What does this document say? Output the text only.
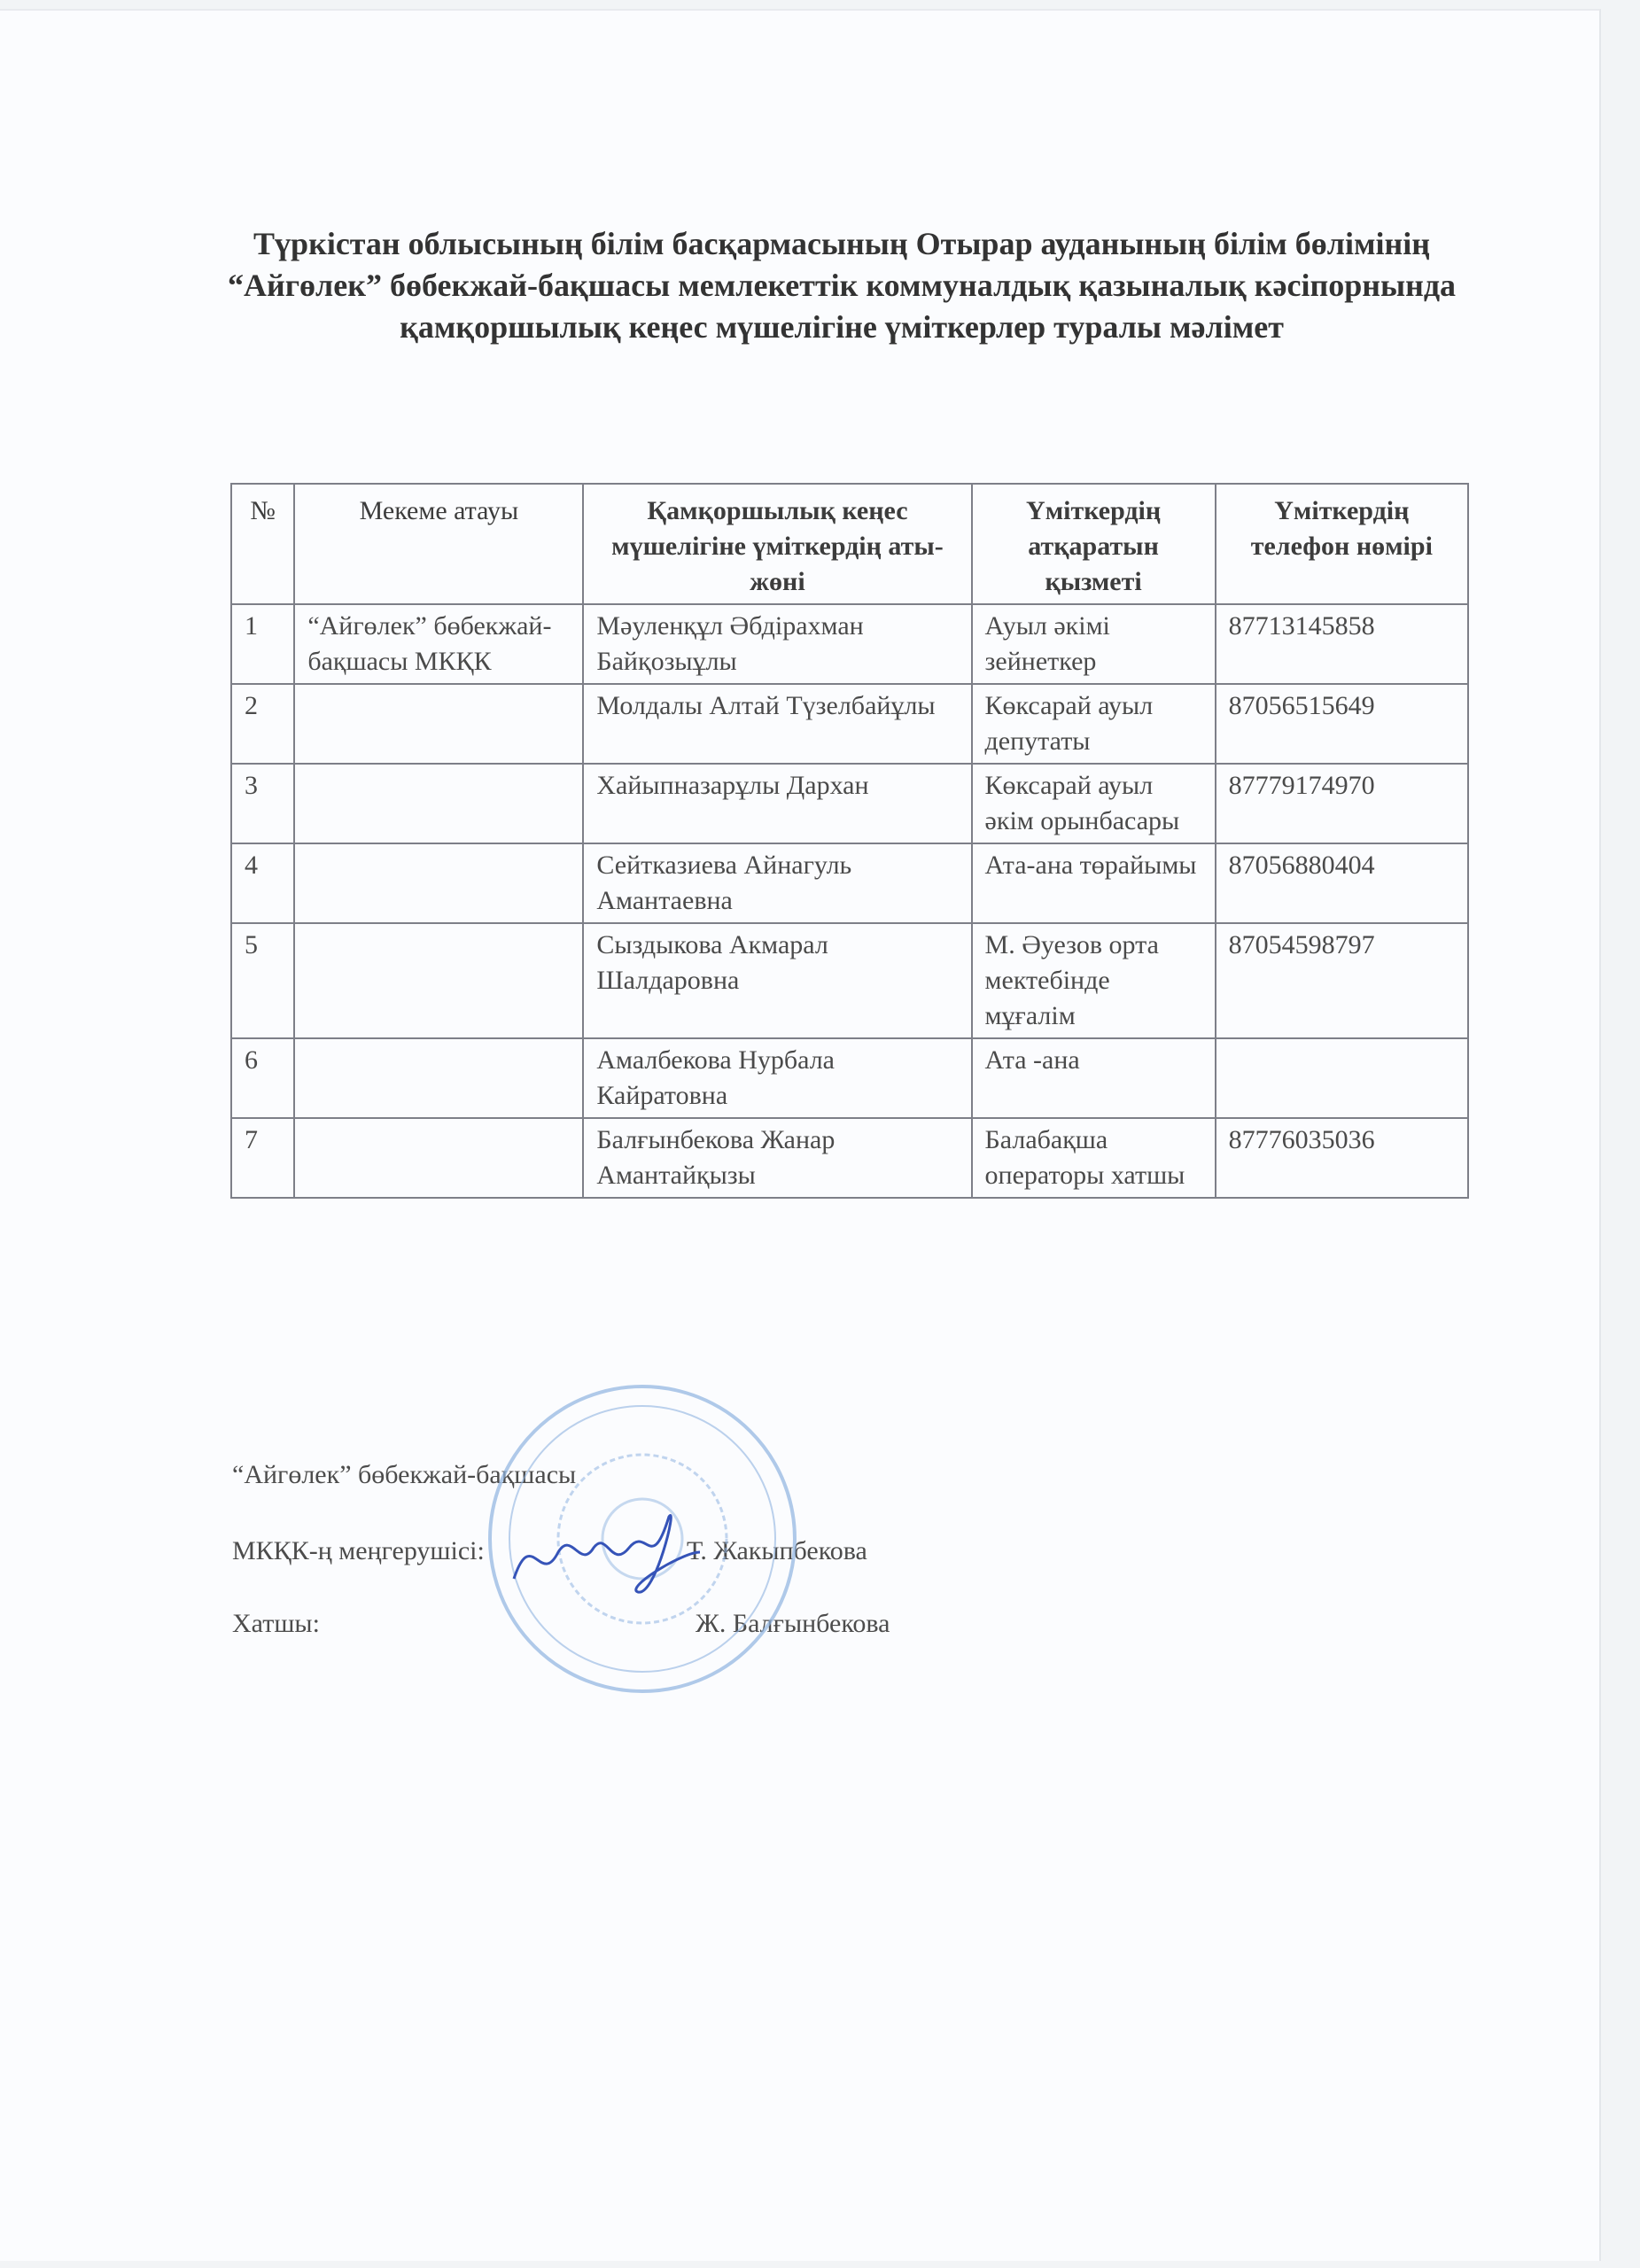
Түркістан облысының білім басқармасының Отырар ауданының білім бөлімінің “Айгөлек” бөбекжай-бақшасы мемлекеттік коммуналдық қазыналық кәсіпорнында қамқоршылық кеңес мүшелігіне үміткерлер туралы мәлімет
№	Мекеме атауы	Қамқоршылық кеңес мүшелігіне үміткердің аты-жөні	Үміткердің атқаратын қызметі	Үміткердің телефон нөмірі
1	“Айгөлек” бөбекжай-бақшасы МКҚК	Мәуленқұл Әбдірахман Байқозыұлы	Ауыл әкімі зейнеткер	87713145858
2		Молдалы Алтай Түзелбайұлы	Көксарай ауыл депутаты	87056515649
3		Хайыпназарұлы Дархан	Көксарай ауыл әкім орынбасары	87779174970
4		Сейтказиева Айнагуль Амантаевна	Ата-ана төрайымы	87056880404
5		Сыздыкова Акмарал Шалдаровна	М. Әуезов орта мектебінде мұғалім	87054598797
6		Амалбекова Нурбала Кайратовна	Ата -ана	
7		Балғынбекова Жанар Амантайқызы	Балабақша операторы хатшы	87776035036
“Айгөлек” бөбекжай-бақшасы
МКҚК-ң меңгерушісі:	Т. Жакыпбекова
Хатшы:	Ж. Балғынбекова
